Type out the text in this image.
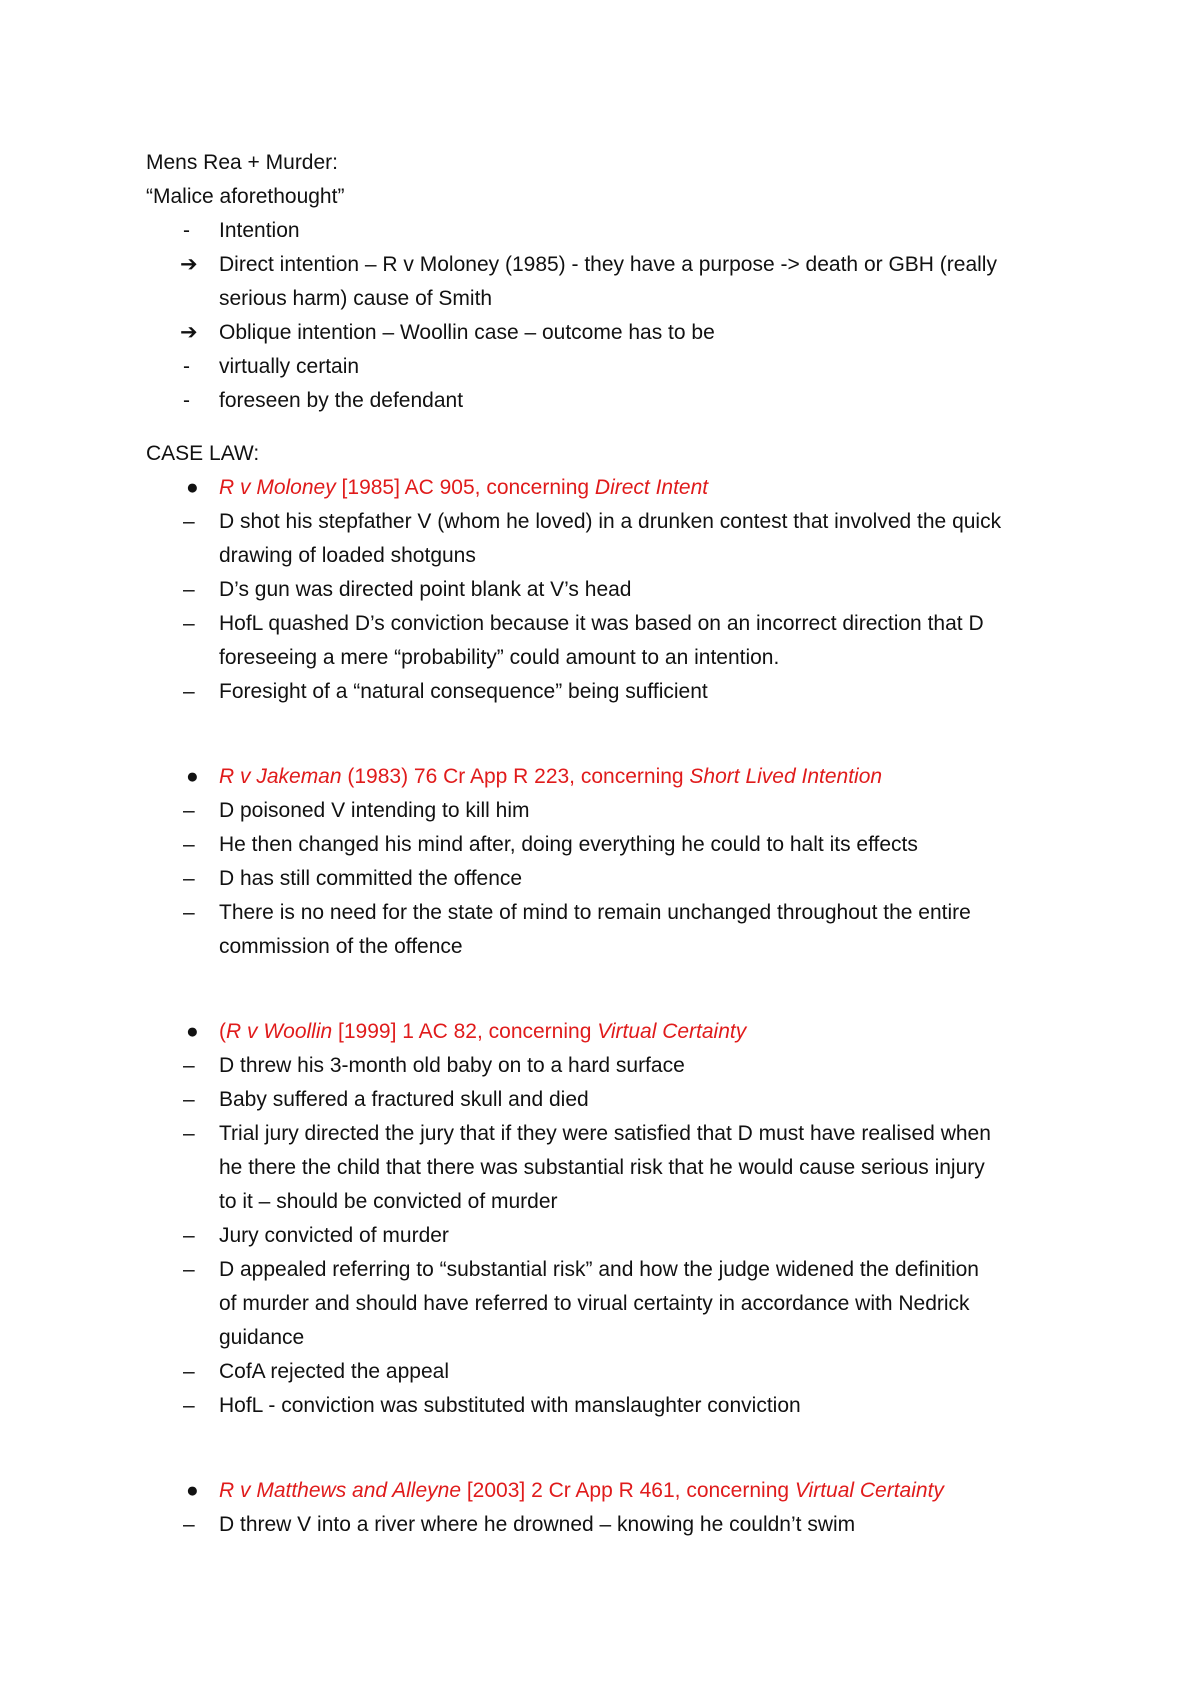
Mens Rea + Murder:
“Malice aforethought”
-	Intention
➔	Direct intention – R v Moloney (1985) - they have a purpose -> death or GBH (really
serious harm) cause of Smith
➔	Oblique intention – Woollin case – outcome has to be
-	virtually certain
-	foreseen by the defendant
CASE LAW:
● R v Moloney [1985] AC 905, concerning Direct Intent
–	D shot his stepfather V (whom he loved) in a drunken contest that involved the quick
drawing of loaded shotguns
–	D’s gun was directed point blank at V’s head
–	HofL quashed D’s conviction because it was based on an incorrect direction that D
foreseeing a mere “probability” could amount to an intention.
–	Foresight of a “natural consequence” being sufficient
● R v Jakeman (1983) 76 Cr App R 223, concerning Short Lived Intention
–	D poisoned V intending to kill him
–	He then changed his mind after, doing everything he could to halt its effects
–	D has still committed the offence
–	There is no need for the state of mind to remain unchanged throughout the entire
commission of the offence
● (R v Woollin [1999] 1 AC 82, concerning Virtual Certainty
–	D threw his 3-month old baby on to a hard surface
–	Baby suffered a fractured skull and died
–	Trial jury directed the jury that if they were satisfied that D must have realised when
he there the child that there was substantial risk that he would cause serious injury
to it – should be convicted of murder
–	Jury convicted of murder
–	D appealed referring to “substantial risk” and how the judge widened the definition
of murder and should have referred to virual certainty in accordance with Nedrick
guidance
–	CofA rejected the appeal
–	HofL - conviction was substituted with manslaughter conviction
● R v Matthews and Alleyne [2003] 2 Cr App R 461, concerning Virtual Certainty
–	D threw V into a river where he drowned – knowing he couldn’t swim
